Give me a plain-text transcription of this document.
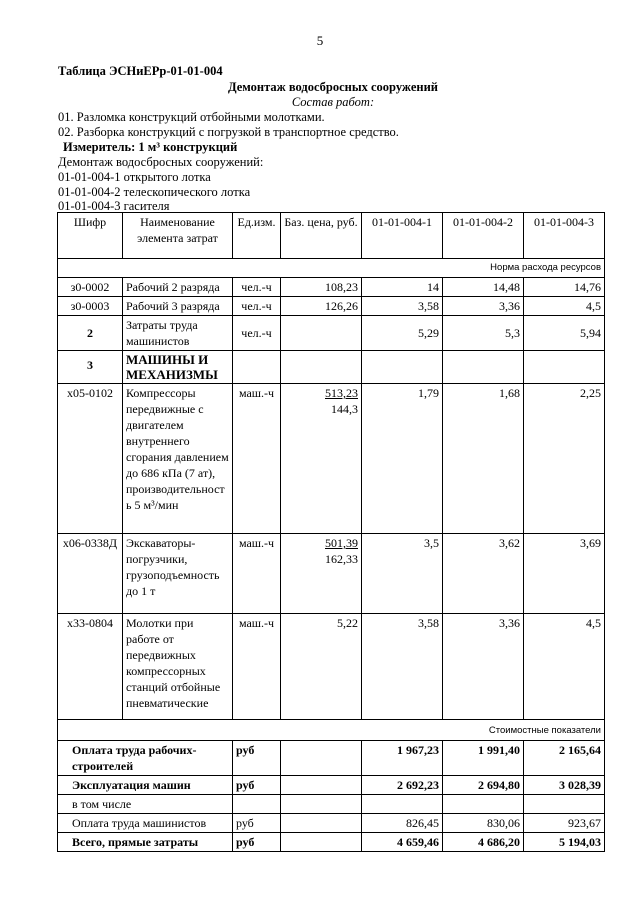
5
Таблица ЭСНиЕРр-01-01-004
Демонтаж водосбросных сооружений
Состав работ:
01. Разломка конструкций отбойными молотками.
02. Разборка конструкций с погрузкой в транспортное средство.
Измеритель: 1 м³ конструкций
Демонтаж водосбросных сооружений:
01-01-004-1 открытого лотка
01-01-004-2 телескопического лотка
01-01-004-3 гасителя
Шифр	Наименование элемента затрат	Ед.изм.	Баз. цена, руб.	01-01-004-1	01-01-004-2	01-01-004-3
Норма расхода ресурсов						
з0-0002	Рабочий 2 разряда	чел.-ч	108,23	14	14,48	14,76
з0-0003	Рабочий 3 разряда	чел.-ч	126,26	3,58	3,36	4,5
2	Затраты труда машинистов	чел.-ч		5,29	5,3	5,94
3	МАШИНЫ И МЕХАНИЗМЫ					
х05-0102	Компрессоры передвижные с двигателем внутреннего сгорания давлением до 686 кПа (7 ат), производительност ь 5 м³/мин	маш.-ч	513,23
144,3	1,79	1,68	2,25
х06-0338Д	Экскаваторы-погрузчики, грузоподъемность до 1 т	маш.-ч	501,39
162,33	3,5	3,62	3,69
х33-0804	Молотки при работе от передвижных компрессорных станций отбойные пневматические	маш.-ч	5,22	3,58	3,36	4,5
Стоимостные показатели						
Оплата труда рабочих-строителей		руб		1 967,23	1 991,40	2 165,64
Эксплуатация машин		руб		2 692,23	2 694,80	3 028,39
в том числе						
Оплата труда машинистов		руб		826,45	830,06	923,67
Всего, прямые затраты		руб		4 659,46	4 686,20	5 194,03
